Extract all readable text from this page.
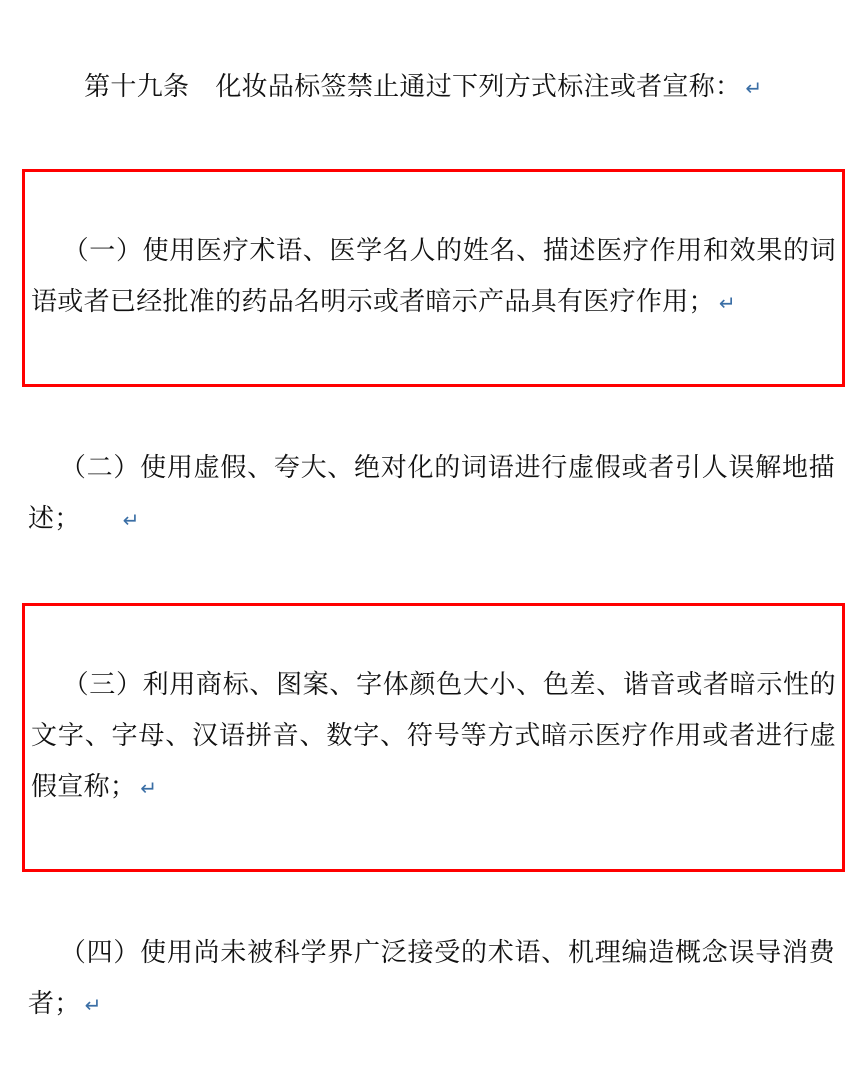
第十九条 化妆品标签禁止通过下列方式标注或者宣称： ↵

（一）使用医疗术语、医学名人的姓名、描述医疗作用和效果的词语或者已经批准的药品名明示或者暗示产品具有医疗作用； ↵

（二）使用虚假、夸大、绝对化的词语进行虚假或者引人误解地描述； ↵

（三）利用商标、图案、字体颜色大小、色差、谐音或者暗示性的文字、字母、汉语拼音、数字、符号等方式暗示医疗作用或者进行虚假宣称； ↵

（四）使用尚未被科学界广泛接受的术语、机理编造概念误导消费者； ↵
